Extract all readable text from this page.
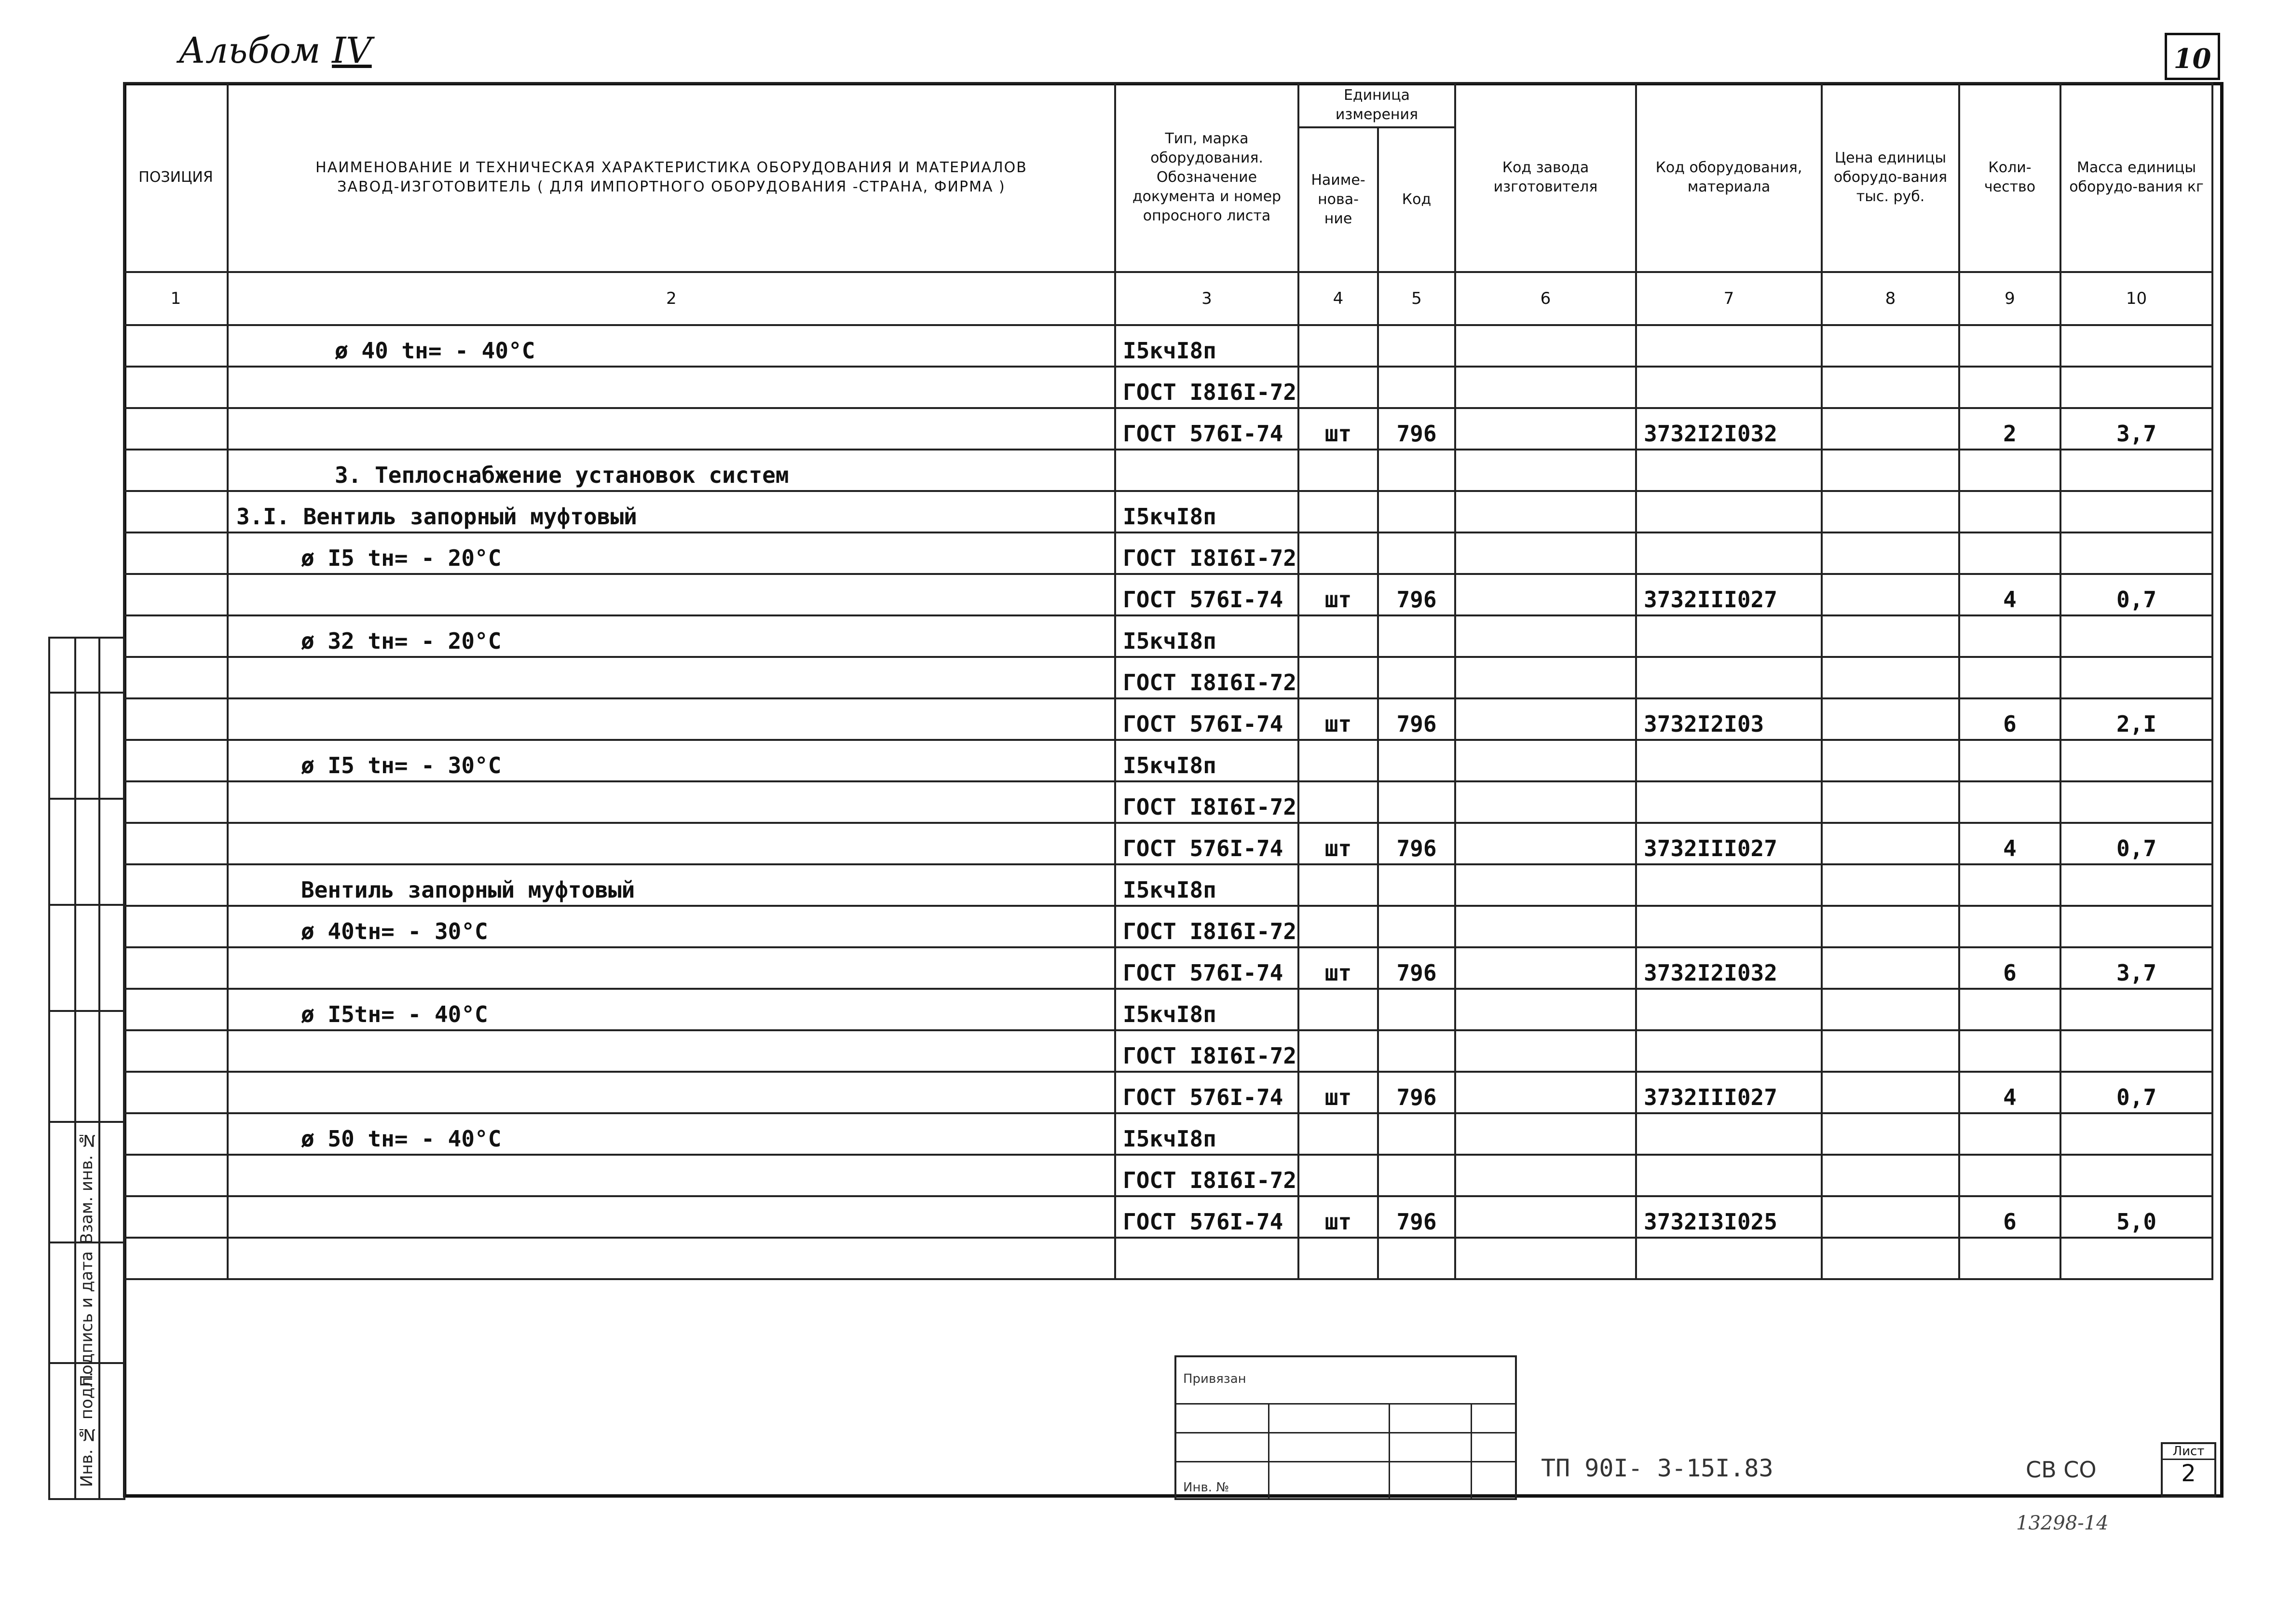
Альбом IV	10
ПОЗИЦИЯ	НАИМЕНОВАНИЕ И ТЕХНИЧЕСКАЯ ХАРАКТЕРИСТИКА ОБОРУДОВАНИЯ И МАТЕРИАЛОВ
ЗАВОД-ИЗГОТОВИТЕЛЬ ( ДЛЯ ИМПОРТНОГО ОБОРУДОВАНИЯ -СТРАНА, ФИРМА )	Тип, марка оборудования. Обозначение документа и номер опросного листа	Единица измерения		Код завода изготовителя	Код оборудования, материала	Цена единицы оборудо-вания тыс. руб.	Коли-чество	Масса единицы оборудо-вания кг
			Наиме-нова-ние	Код					
1	2	3	4	5	6	7	8	9	10
	ø 40 tн= - 40°C	I5кчI8п							
		ГОСТ I8I6I-72							
		ГОСТ 576I-74	шт	796		3732I2I032		2	3,7
	3. Теплоснабжение установок систем								
	3.I. Вентиль запорный муфтовый	I5кчI8п							
	ø I5 tн= - 20°C	ГОСТ I8I6I-72							
		ГОСТ 576I-74	шт	796		3732III027		4	0,7
	ø 32 tн= - 20°C	I5кчI8п							
		ГОСТ I8I6I-72							
		ГОСТ 576I-74	шт	796		3732I2I03		6	2,I
	ø I5 tн= - 30°C	I5кчI8п							
		ГОСТ I8I6I-72							
		ГОСТ 576I-74	шт	796		3732III027		4	0,7
	Вентиль запорный муфтовый	I5кчI8п							
	ø 40tн= - 30°C	ГОСТ I8I6I-72							
		ГОСТ 576I-74	шт	796		3732I2I032		6	3,7
	ø I5tн= - 40°C	I5кчI8п							
		ГОСТ I8I6I-72							
		ГОСТ 576I-74	шт	796		3732III027		4	0,7
	ø 50 tн= - 40°C	I5кчI8п							
		ГОСТ I8I6I-72							
		ГОСТ 576I-74	шт	796		3732I3I025		6	5,0

Взам. инв. №
Подпись и дата
Инв. № подл.	Привязан
Инв. №
ТП 90I- 3-15I.83	СВ СО
Лист
2
13298-14
